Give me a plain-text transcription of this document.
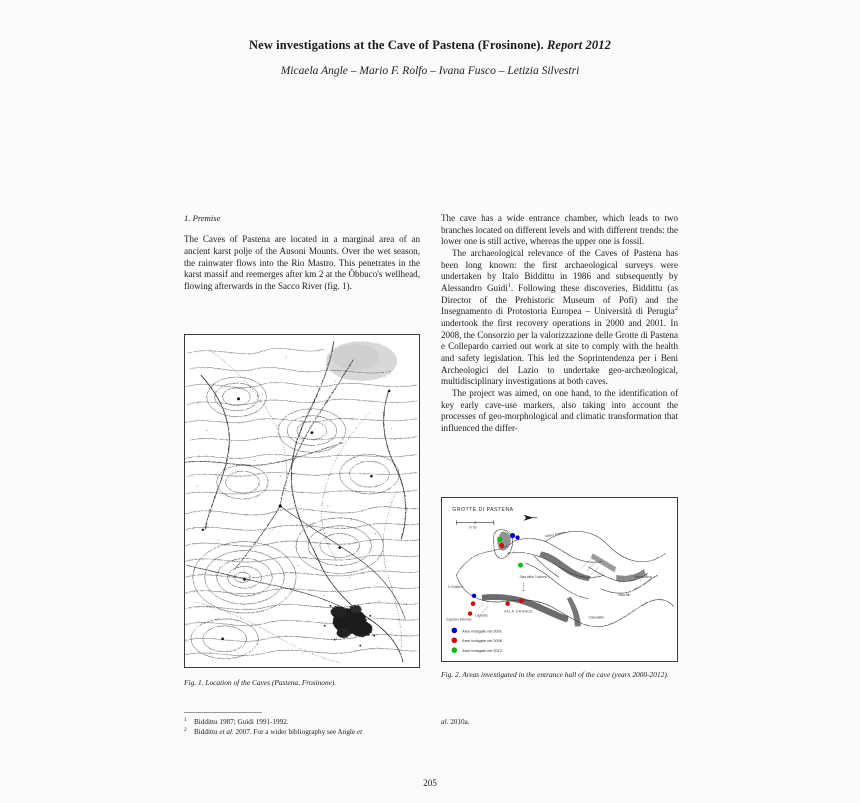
New investigations at the Cave of Pastena (Frosinone). Report 2012
Micaela Angle – Mario F. Rolfo – Ivana Fusco – Letizia Silvestri
1. Premise

The Caves of Pastena are located in a marginal area of an ancient karst polje of the Ausoni Mounts. Over the wet season, the rainwater flows into the Rio Mastro. This penetrates in the karst massif and reemerges after km 2 at the Òbbuco's wellhead, flowing afterwards in the Sacco River (fig. 1).

The cave has a wide entrance chamber, which leads to two branches located on different levels and with different trends: the lower one is still active, whereas the upper one is fossil.

The archaeological relevance of the Caves of Pastena has been long known: the first archaeological surveys were undertaken by Italo Biddittu in 1986 and subsequently by Alessandro Guidi$^1$. Following these discoveries, Biddittu (as Director of the Prehistoric Museum of Pofi) and the Insegnamento di Protostoria Europea – Università di Perugia$^2$ undertook the first recovery operations in 2000 and 2001. In 2008, the Consorzio per la valorizzazione delle Grotte di Pastena e Collepardo carried out work at site to comply with the health and safety legislation. This led the Soprintendenza per i Beni Archeologici del Lazio to undertake geo-archæological, multidisciplinary investigations at both caves.

The project was aimed, on one hand, to the identification of key early cave-use markers, also taking into account the processes of geo-morphological and climatic transformation that influenced the differ-

Fig. 1. Location of the Caves (Pastena, Frosinone).
GROTTE DI PASTENA
m 50
Albero Caduto
Sala delle Colonne
Il Cimitero
Sala Blu
Ramo Attivo
SALA GRANDE
Ingresso inferiore
Laghetto	Cascatelle
Aree indagate nel 2001
Aree indagate nel 2008
Aree indagate nel 2012
Fig. 2. Areas investigated in the entrance hall of the cave (years 2000-2012).
1 Biddittu 1987; Guidi 1991-1992.
2 Biddittu et al. 2007. For a wider bibliography see Angle et
al. 2010a.
205
